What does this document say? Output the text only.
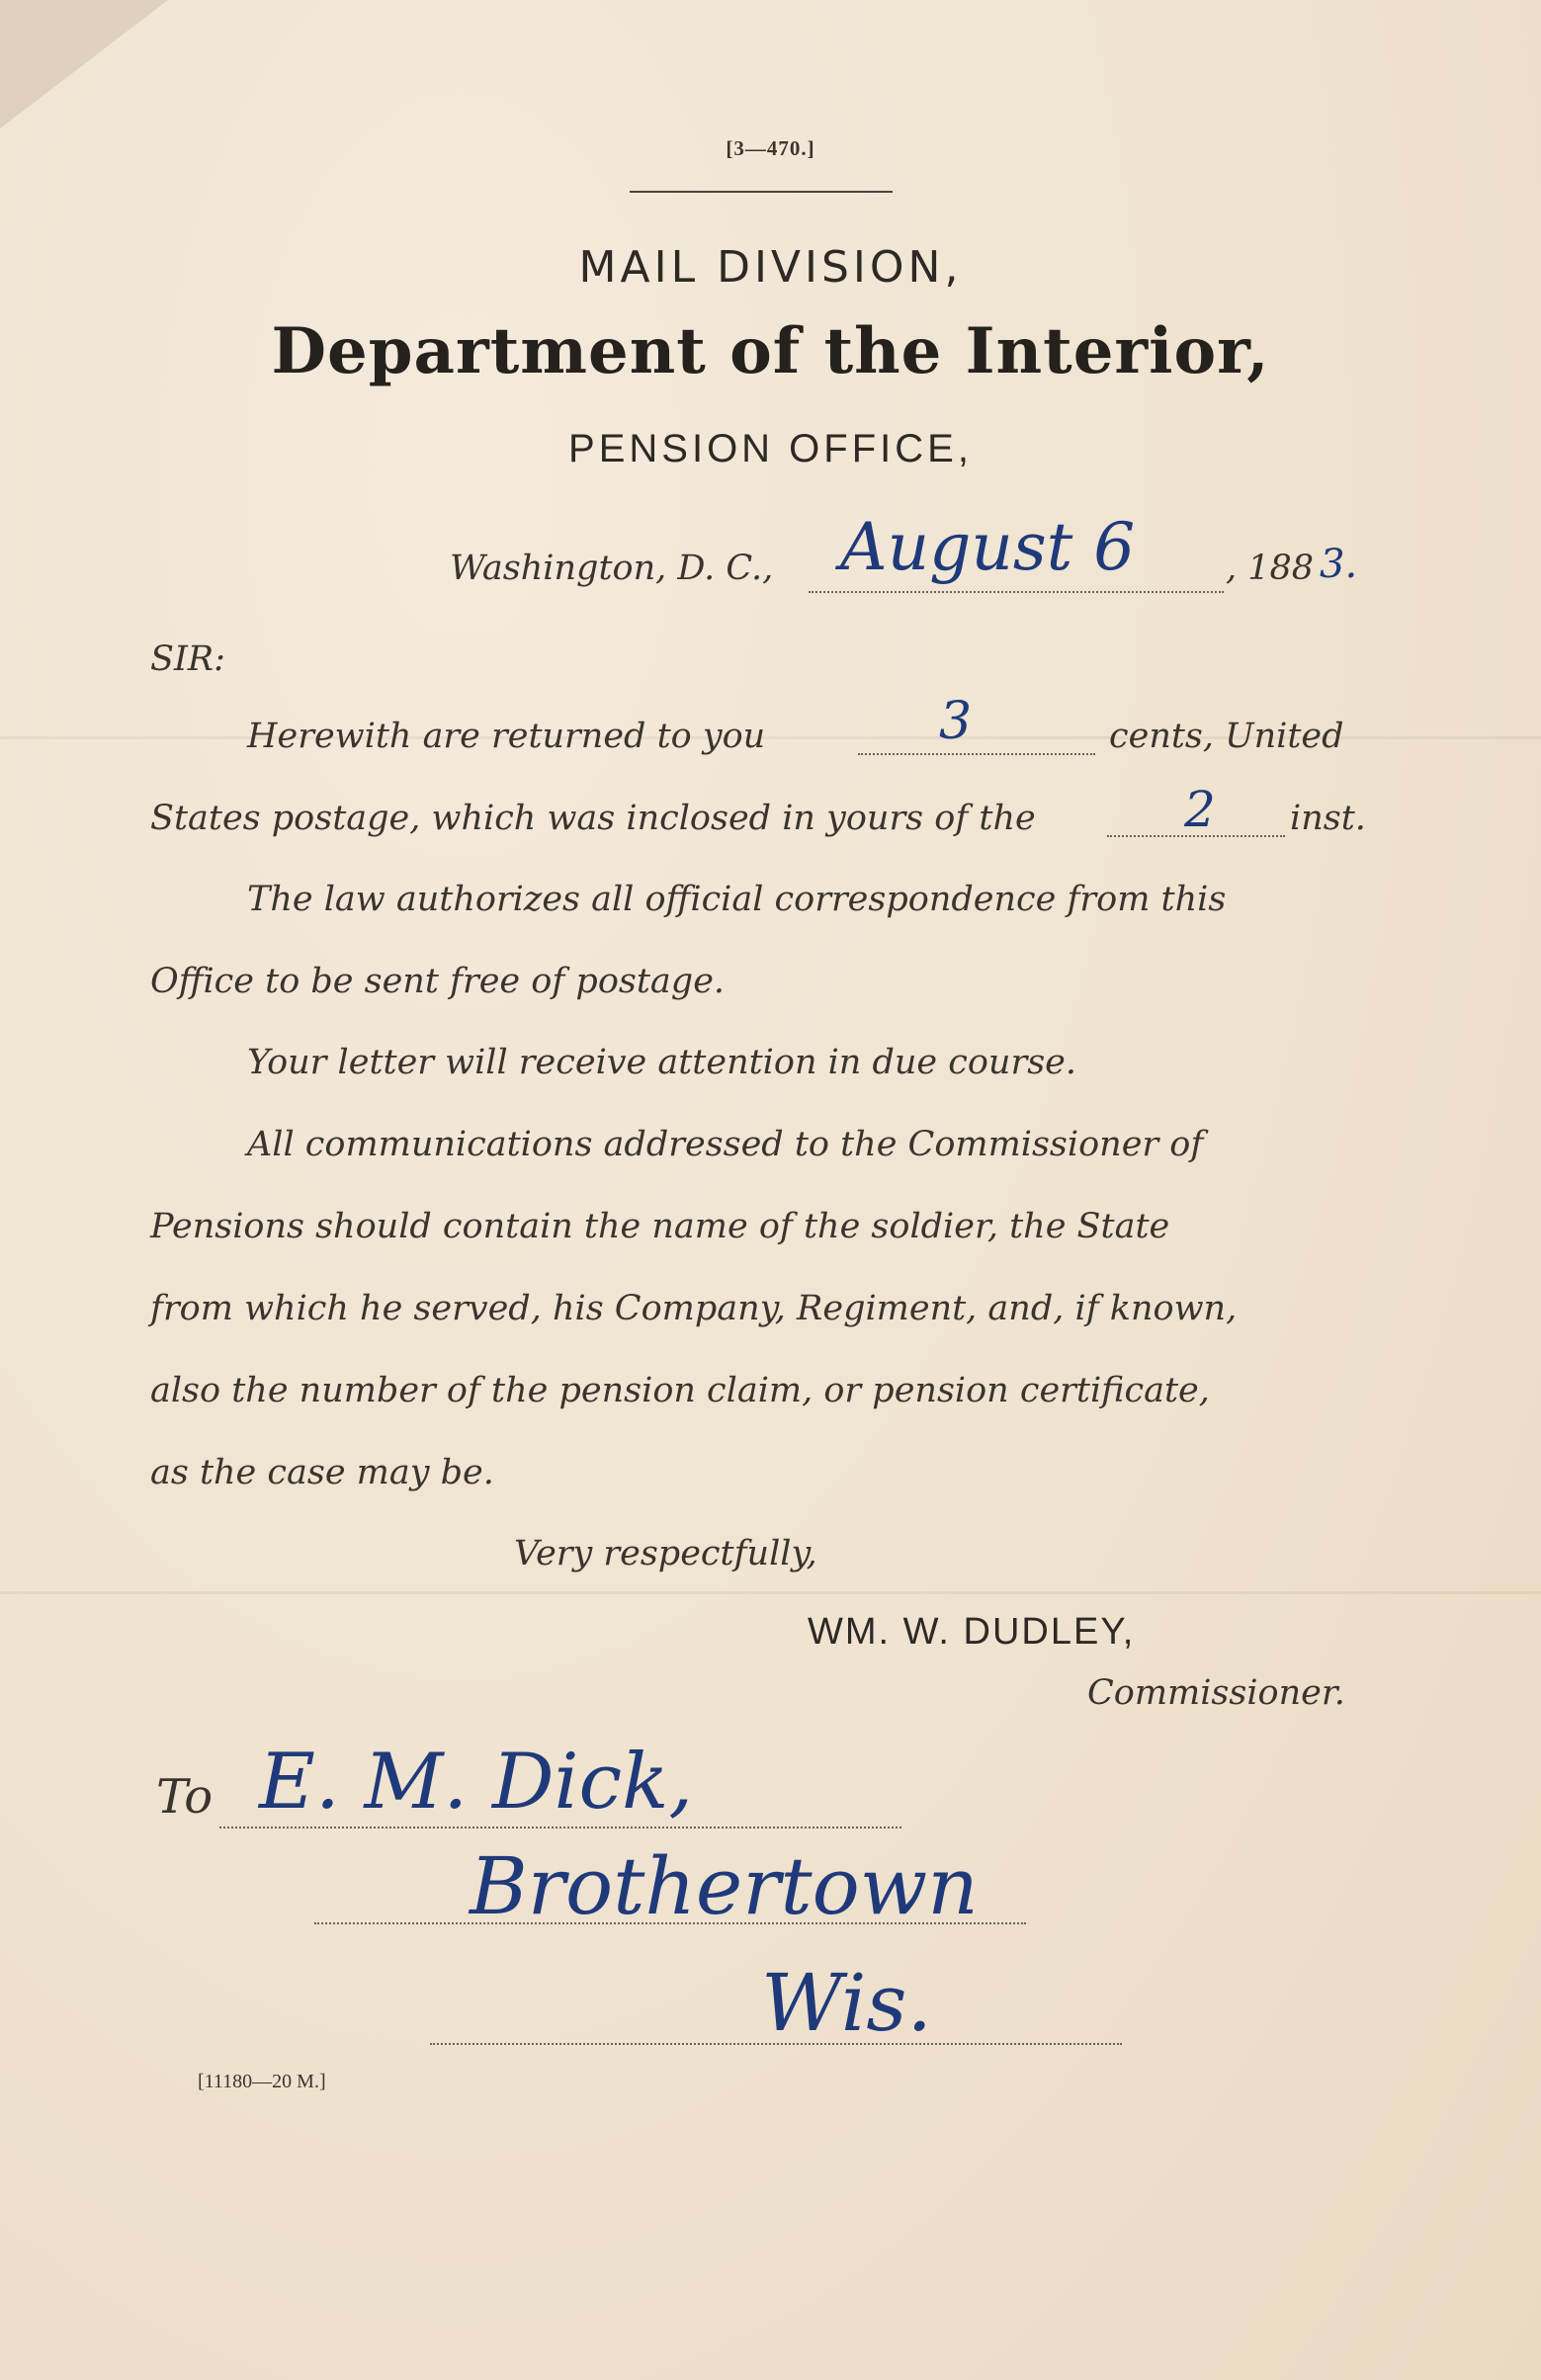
[3—470.]
MAIL DIVISION,
Department of the Interior,
PENSION OFFICE,
Washington, D. C., August 6	, 188 3.
SIR:
Herewith are returned to you	3	cents, United
States postage, which was inclosed in yours of the	2 inst.
The law authorizes all official correspondence from this
Office to be sent free of postage.
Your letter will receive attention in due course.
All communications addressed to the Commissioner of
Pensions should contain the name of the soldier, the State
from which he served, his Company, Regiment, and, if known,
also the number of the pension claim, or pension certificate,
as the case may be.
Very respectfully,
WM. W. DUDLEY,
Commissioner.
To E. M. Dick,
Brothertown
Wis.
[11180—20 M.]
